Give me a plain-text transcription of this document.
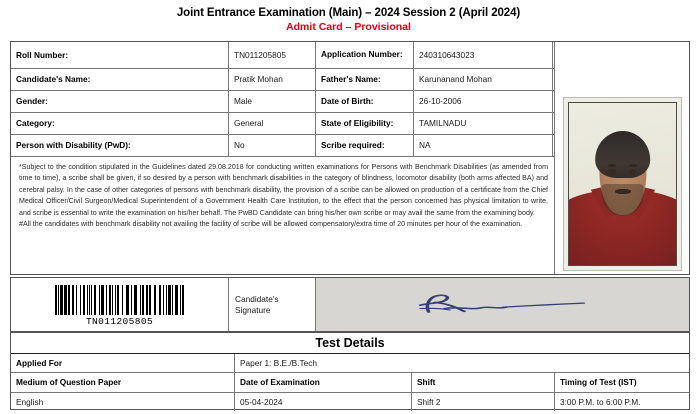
Joint Entrance Examination (Main) – 2024 Session 2 (April 2024)
Admit Card – Provisional
Roll Number:	TN011205805	Application Number: 240310643023
Candidate's Name:	Pratik Mohan	Father's Name:	Karunanand Mohan
Gender:	Male	Date of Birth:	26-10-2006
Category:	General	State of Eligibility:	TAMILNADU
Person with Disability (PwD):	No	Scribe required:	NA

*Subject to the condition stipulated in the Guidelines dated 29.08.2018 for conducting written examinations for Persons with Benchmark Disabilities (as amended from time to time), a scribe shall be given, if so desired by a person with benchmark disabilities in the category of blindness, locomotor disability (both arms affected BA) and cerebral palsy. In the case of other categories of persons with benchmark disability, the provision of a scribe can be allowed on production of a certificate from the Chief Medical Officer/Civil Surgeon/Medical Superintendent of a Government Health Care Institution, to the effect that the person concerned has physical limitation to write, and scribe is essential to write the examination on his/her behalf. The PwBD Candidate can bring his/her own scribe or may avail the same from the examining body.

#All the candidates with benchmark disability not availing the facility of scribe will be allowed compensatory/extra time of 20 minutes per hour of the examination.

TN011205805
Candidate's
Signature
Test Details
Applied For	Paper 1: B.E./B.Tech
Medium of Question Paper	Date of Examination	Shift	Timing of Test (IST)
English	05-04-2024	Shift 2	3:00 P.M. to 6:00 P.M.
